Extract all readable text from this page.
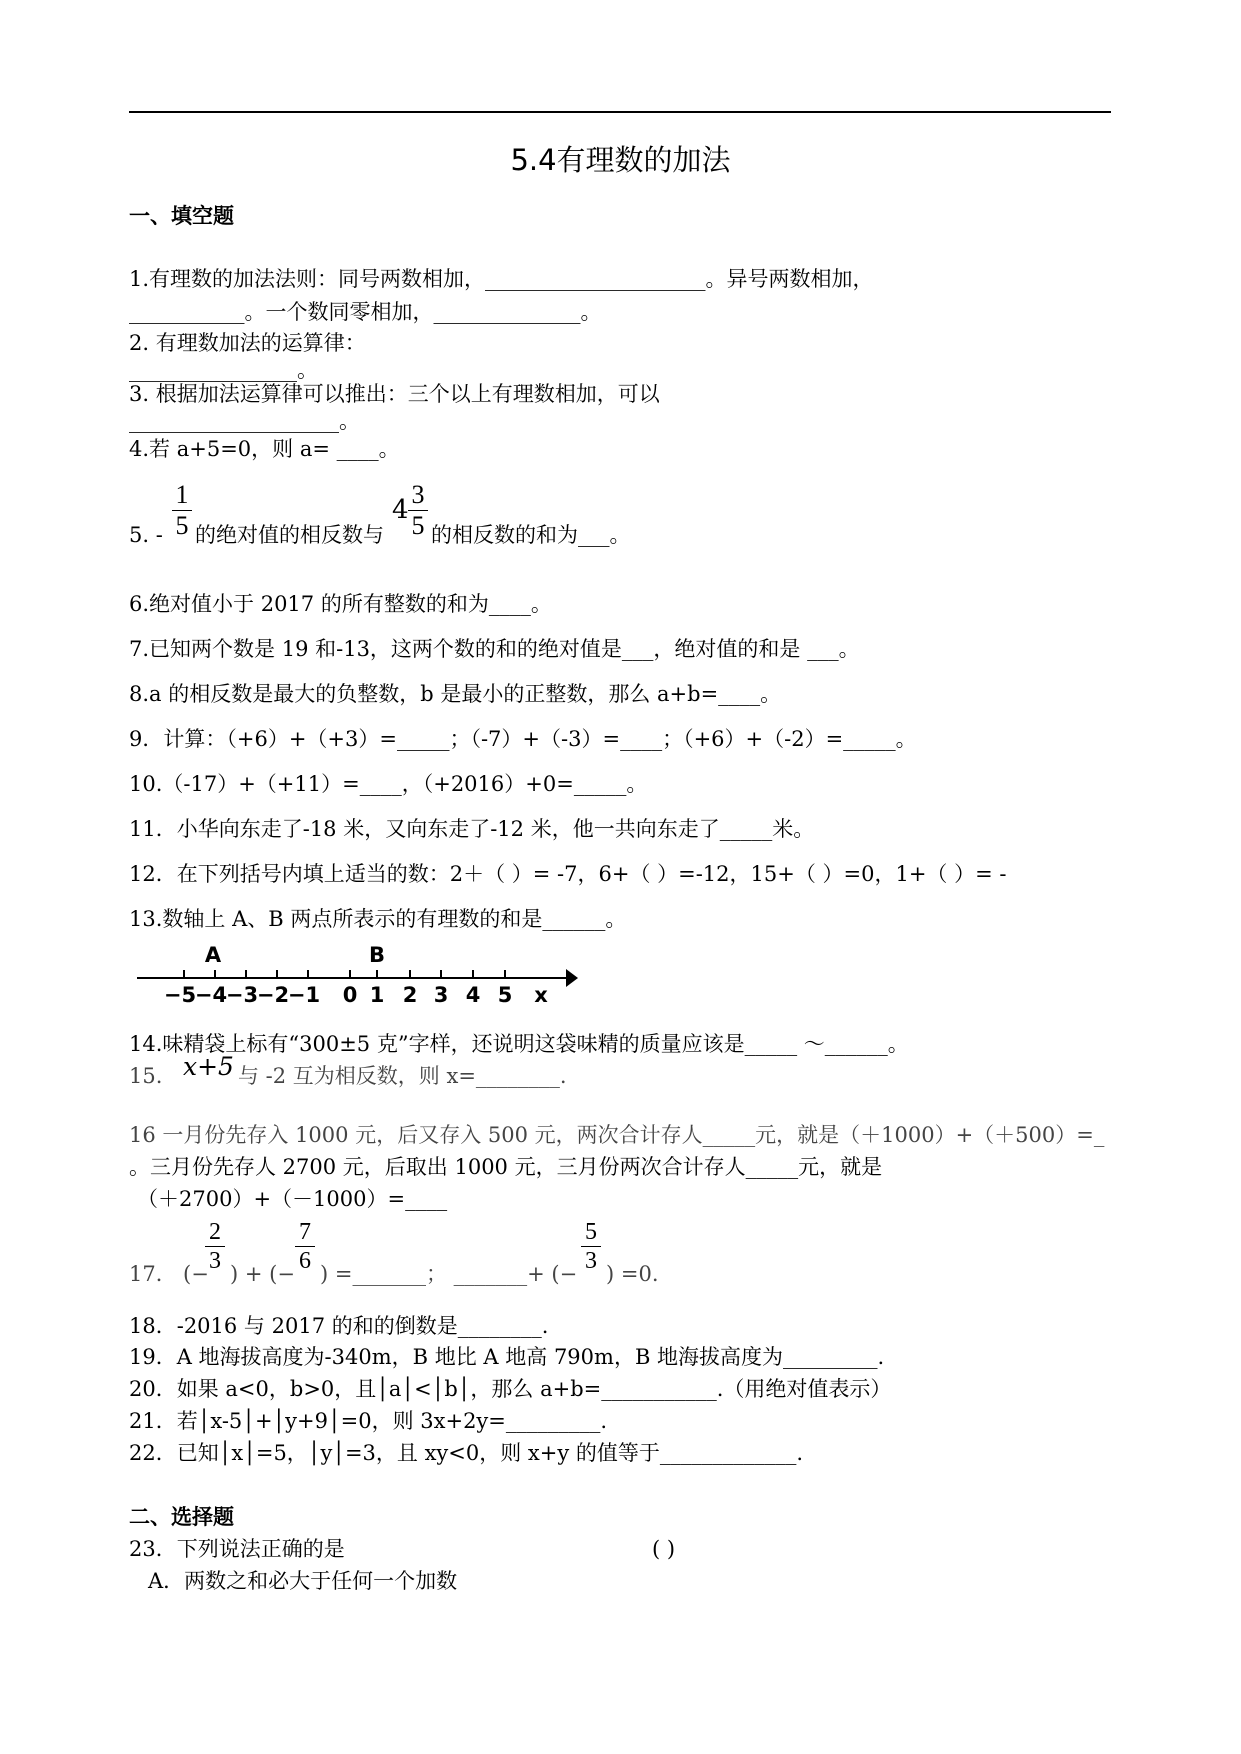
5.4有理数的加法
一、填空题
1.有理数的加法法则：同号两数相加，_____________________。异号两数相加，
___________。一个数同零相加，______________。
2. 有理数加法的运算律：
________________。
3. 根据加法运算律可以推出：三个以上有理数相加，可以
____________________。
4.若 a+5=0，则 a= ____。
5. -
1
5 的绝对值的相反数与
4
3
5 的相反数的和为___。
6.绝对值小于 2017 的所有整数的和为____。
7.已知两个数是 19 和-13，这两个数的和的绝对值是___，绝对值的和是 ___。
8.a 的相反数是最大的负整数，b 是最小的正整数，那么 a+b=____。
9．计算：（+6）+（+3）=_____；（-7）+（-3）=____；（+6）+（-2）=_____。
10.（-17）+（+11）=____，（+2016）+0=_____。
11．小华向东走了-18 米，又向东走了-12 米，他一共向东走了_____米。
12．在下列括号内填上适当的数：2＋（ ）= -7，6+（ ）=-12，15+（ ）=0，1+（ ）= -
13.数轴上 A、B 两点所表示的有理数的和是______。
A	B
−5
−4
−3
−2
−1 0 1 2 3 4 5 x
14.味精袋上标有“300±5 克”字样，还说明这袋味精的质量应该是_____ ～______。
15. x+5 与 -2 互为相反数，则 x=________.
16 一月份先存入 1000 元，后又存入 500 元，两次合计存人_____元，就是（＋1000）+（＋500）=_
。三月份先存人 2700 元，后取出 1000 元，三月份两次合计存人_____元，就是
（＋2700）+（－1000）=____
17． (−
2
3 ) + (−
7
6 ) =_______； _______+ (−
5
3 ) =0.
18．-2016 与 2017 的和的倒数是________.
19．A 地海拔高度为-340m，B 地比 A 地高 790m，B 地海拔高度为_________.
20．如果 a<0，b>0，且│a│<│b│，那么 a+b=___________.（用绝对值表示）
21．若│x-5│+│y+9│=0，则 3x+2y=_________.
22．已知│x│=5，│y│=3，且 xy<0，则 x+y 的值等于_____________.
二、选择题
23．下列说法正确的是	( )
A．两数之和必大于任何一个加数
